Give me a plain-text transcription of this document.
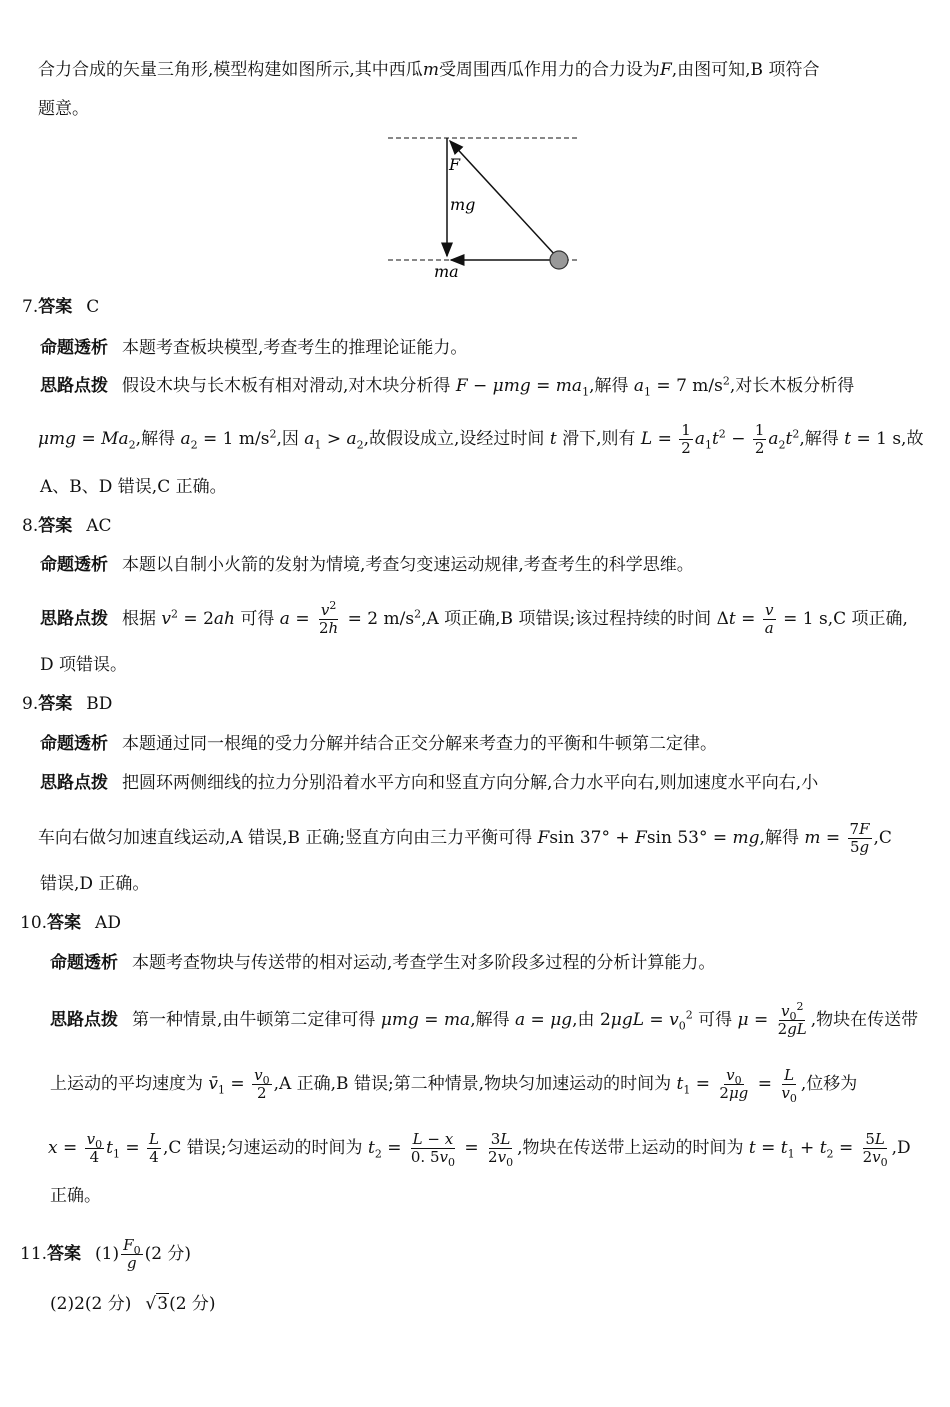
合力合成的矢量三角形,模型构建如图所示,其中西瓜m受周围西瓜作用力的合力设为F,由图可知,B 项符合
题意。
F
mg
ma
7.答案 C
命题透析 本题考查板块模型,考查考生的推理论证能力。
思路点拨 假设木块与长木板有相对滑动,对木块分析得 $F - \mu mg = ma_1$,解得 $a_1 = 7$ $m/s^2$,对长木板分析得
$\mu mg = Ma_2$,解得 $a_2 = 1$ $m/s^2$,因 $a_1 > a_2$,故假设成立,设经过时间 t 滑下,则有 $L = \frac{1}{2} a_1t^2 - \frac{1}{2} a_2t^2$,解得 t = 1 s,故
A、B、D 错误,C 正确。
8.答案 AC
命题透析 本题以自制小火箭的发射为情境,考查匀变速运动规律,考查考生的科学思维。
思路点拨 根据 $v^2 = 2ah$ 可得 $a = \frac{v^2}{2h} = 2$ $m/s^2,A$ 项正确,B 项错误;该过程持续的时间 $\Delta t = \frac{v}{a} = 1$ s,C 项正确,
D 项错误。
9.答案 BD
命题透析 本题通过同一根绳的受力分解并结合正交分解来考查力的平衡和牛顿第二定律。
思路点拨 把圆环两侧细线的拉力分别沿着水平方向和竖直方向分解,合力水平向右,则加速度水平向右,小
车向右做匀加速直线运动,A 错误,B 正确;竖直方向由三力平衡可得 Fsin 37° + Fsin 53° = mg,解得 $m = \frac{7F}{5g} ,C$
错误,D 正确。
10.答案 AD
命题透析 本题考查物块与传送带的相对运动,考查学生对多阶段多过程的分析计算能力。
思路点拨 第一种情景,由牛顿第二定律可得 μmg = ma,解得 a = μg,由 $2\mu gL = v_0^2$ 可得 $\mu = \frac{v_0^2}{2gL}$ ,物块在传送带
上运动的平均速度为 $v̄_1 = \frac{v_0}{2} ,A$ 正确,B 错误;第二种情景,物块匀加速运动的时间为 $t_1 = \frac{v_0}{2\mu g} = \frac{L}{v_0}$ ,位移为
$x = \frac{v_0}{4} t_1 = \frac{L}{4} ,C$ 错误;匀速运动的时间为 $t_2 = \frac{L - x}{0. 5v_0} = \frac{3L}{2v_0}$ ,物块在传送带上运动的时间为 $t = t_1 + t_2 = \frac{5L}{2v_0} ,D$
正确。
11.答案 $(1) \frac{F_0}{g} (2$ 分)
(2)2(2 分) √3(2 分)
